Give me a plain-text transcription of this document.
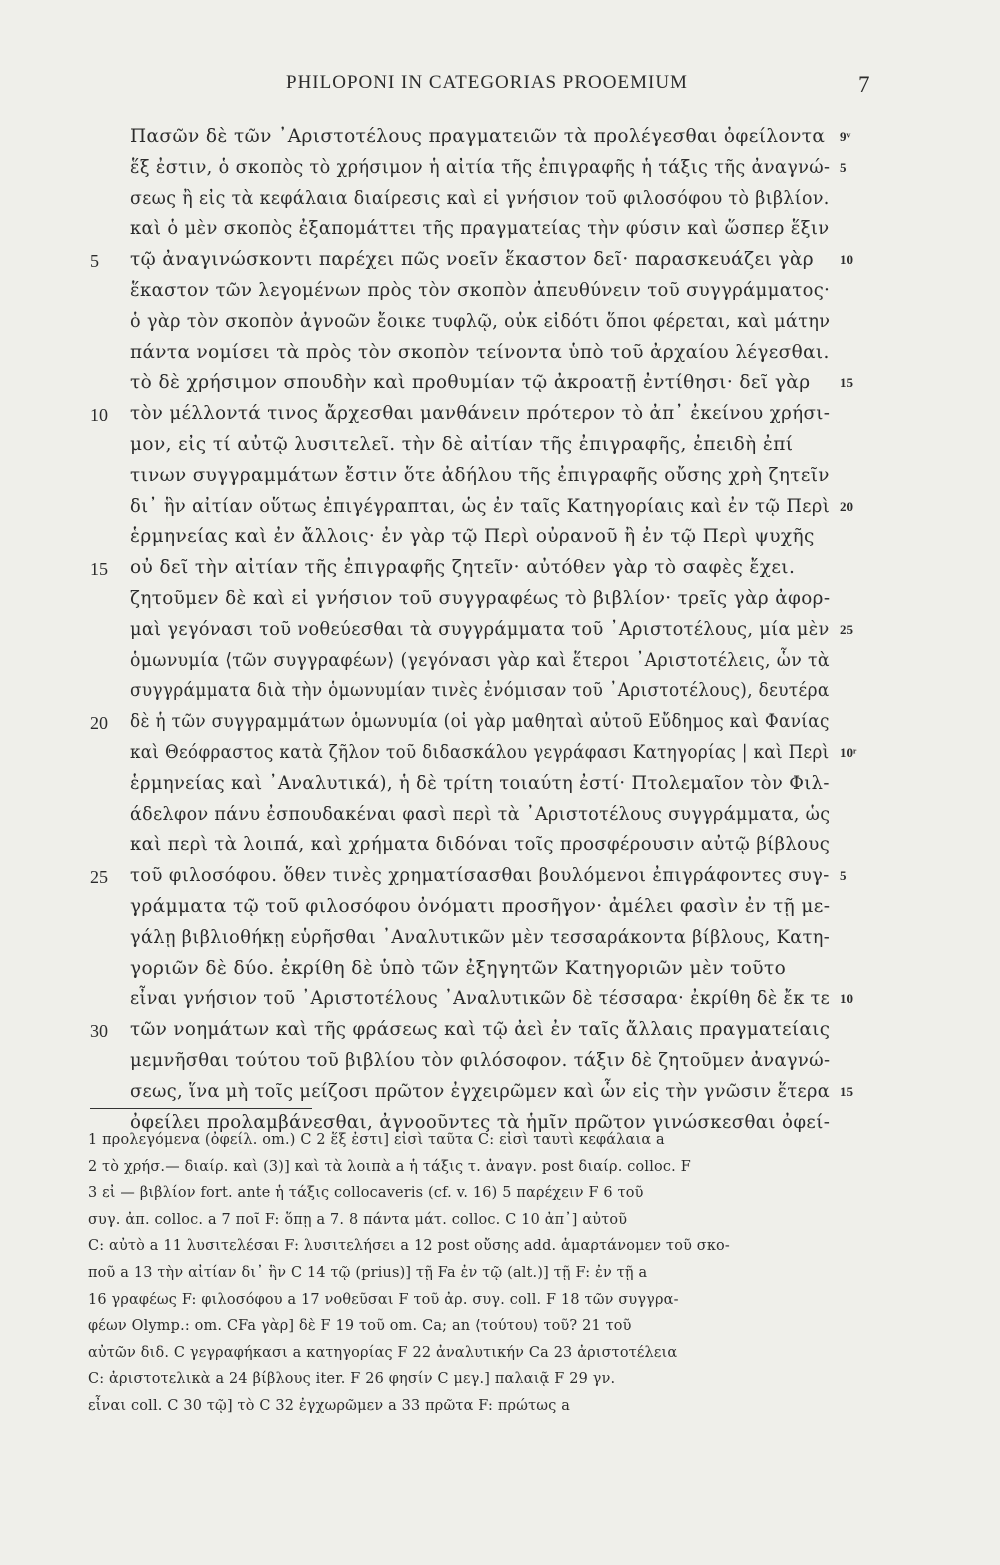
PHILOPONI IN CATEGORIAS PROOEMIUM	7
Πασῶν δὲ τῶν ᾿Αριστοτέλους πραγματειῶν τὰ προλέγεσθαι ὀφείλοντα 9ᵛ
ἕξ ἐστιν, ὁ σκοπὸς τὸ χρήσιμον ἡ αἰτία τῆς ἐπιγραφῆς ἡ τάξις τῆς ἀναγνώ- 5
σεως ἢ εἰς τὰ κεφάλαια διαίρεσις καὶ εἰ γνήσιον τοῦ φιλοσόφου τὸ βιβλίον.
καὶ ὁ μὲν σκοπὸς ἐξαπομάττει τῆς πραγματείας τὴν φύσιν καὶ ὥσπερ ἕξιν
5 τῷ ἀναγινώσκοντι παρέχει πῶς νοεῖν ἕκαστον δεῖ· παρασκευάζει γὰρ 10
ἕκαστον τῶν λεγομένων πρὸς τὸν σκοπὸν ἀπευθύνειν τοῦ συγγράμματος·
ὁ γὰρ τὸν σκοπὸν ἀγνοῶν ἔοικε τυφλῷ, οὐκ εἰδότι ὅποι φέρεται, καὶ μάτην
πάντα νομίσει τὰ πρὸς τὸν σκοπὸν τείνοντα ὑπὸ τοῦ ἀρχαίου λέγεσθαι.
τὸ δὲ χρήσιμον σπουδὴν καὶ προθυμίαν τῷ ἀκροατῇ ἐντίθησι· δεῖ γὰρ 15
10 τὸν μέλλοντά τινος ἄρχεσθαι μανθάνειν πρότερον τὸ ἀπ᾿ ἐκείνου χρήσι-
μον, εἰς τί αὐτῷ λυσιτελεῖ. τὴν δὲ αἰτίαν τῆς ἐπιγραφῆς, ἐπειδὴ ἐπί
τινων συγγραμμάτων ἔστιν ὅτε ἀδήλου τῆς ἐπιγραφῆς οὔσης χρὴ ζητεῖν
δι᾿ ἣν αἰτίαν οὕτως ἐπιγέγραπται, ὡς ἐν ταῖς Κατηγορίαις καὶ ἐν τῷ Περὶ 20
ἑρμηνείας καὶ ἐν ἄλλοις· ἐν γὰρ τῷ Περὶ οὐρανοῦ ἢ ἐν τῷ Περὶ ψυχῆς
15 οὐ δεῖ τὴν αἰτίαν τῆς ἐπιγραφῆς ζητεῖν· αὐτόθεν γὰρ τὸ σαφὲς ἔχει.
ζητοῦμεν δὲ καὶ εἰ γνήσιον τοῦ συγγραφέως τὸ βιβλίον· τρεῖς γὰρ ἀφορ-
μαὶ γεγόνασι τοῦ νοθεύεσθαι τὰ συγγράμματα τοῦ ᾿Αριστοτέλους, μία μὲν 25
ὁμωνυμία ⟨τῶν συγγραφέων⟩ (γεγόνασι γὰρ καὶ ἕτεροι ᾿Αριστοτέλεις, ὧν τὰ
συγγράμματα διὰ τὴν ὁμωνυμίαν τινὲς ἐνόμισαν τοῦ ᾿Αριστοτέλους), δευτέρα
20 δὲ ἡ τῶν συγγραμμάτων ὁμωνυμία (οἱ γὰρ μαθηταὶ αὐτοῦ Εὔδημος καὶ Φανίας
καὶ Θεόφραστος κατὰ ζῆλον τοῦ διδασκάλου γεγράφασι Κατηγορίας | καὶ Περὶ 10ʳ
ἑρμηνείας καὶ ᾿Αναλυτικά), ἡ δὲ τρίτη τοιαύτη ἐστί· Πτολεμαῖον τὸν Φιλ-
άδελφον πάνυ ἐσπουδακέναι φασὶ περὶ τὰ ᾿Αριστοτέλους συγγράμματα, ὡς
καὶ περὶ τὰ λοιπά, καὶ χρήματα διδόναι τοῖς προσφέρουσιν αὐτῷ βίβλους
25 τοῦ φιλοσόφου. ὅθεν τινὲς χρηματίσασθαι βουλόμενοι ἐπιγράφοντες συγ- 5
γράμματα τῷ τοῦ φιλοσόφου ὀνόματι προσῆγον· ἀμέλει φασὶν ἐν τῇ με-
γάλῃ βιβλιοθήκῃ εὑρῆσθαι ᾿Αναλυτικῶν μὲν τεσσαράκοντα βίβλους, Κατη-
γοριῶν δὲ δύο. ἐκρίθη δὲ ὑπὸ τῶν ἐξηγητῶν Κατηγοριῶν μὲν τοῦτο
εἶναι γνήσιον τοῦ ᾿Αριστοτέλους ᾿Αναλυτικῶν δὲ τέσσαρα· ἐκρίθη δὲ ἔκ τε 10
30 τῶν νοημάτων καὶ τῆς φράσεως καὶ τῷ ἀεὶ ἐν ταῖς ἄλλαις πραγματείαις
μεμνῆσθαι τούτου τοῦ βιβλίου τὸν φιλόσοφον. τάξιν δὲ ζητοῦμεν ἀναγνώ-
σεως, ἵνα μὴ τοῖς μείζοσι πρῶτον ἐγχειρῶμεν καὶ ὧν εἰς τὴν γνῶσιν ἕτερα 15
ὀφείλει προλαμβάνεσθαι, ἀγνοοῦντες τὰ ἡμῖν πρῶτον γινώσκεσθαι ὀφεί-
1 προλεγόμενα (ὀφείλ. om.) C 2 ἕξ ἐστι] εἰσὶ ταῦτα C: εἰσὶ ταυτὶ κεφάλαια a
2 τὸ χρήσ.— διαίρ. καὶ (3)] καὶ τὰ λοιπὰ a ἡ τάξις τ. ἀναγν. post διαίρ. colloc. F
3 εἰ — βιβλίον fort. ante ἡ τάξις collocaveris (cf. v. 16) 5 παρέχειν F 6 τοῦ
συγ. ἀπ. colloc. a 7 ποῖ F: ὅπῃ a 7. 8 πάντα μάτ. colloc. C 10 ἀπ᾿] αὐτοῦ
C: αὐτὸ a 11 λυσιτελέσαι F: λυσιτελήσει a 12 post οὔσης add. ἁμαρτάνομεν τοῦ σκο-
ποῦ a 13 τὴν αἰτίαν δι᾿ ἣν C 14 τῷ (prius)] τῇ Fa ἐν τῷ (alt.)] τῇ F: ἐν τῇ a
16 γραφέως F: φιλοσόφου a 17 νοθεῦσαι F τοῦ ἀρ. συγ. coll. F 18 τῶν συγγρα-
φέων Olymp.: om. CFa γὰρ] δὲ F 19 τοῦ om. Ca; an ⟨τούτου⟩ τοῦ? 21 τοῦ
αὐτῶν διδ. C γεγραφήκασι a κατηγορίας F 22 ἀναλυτικήν Ca 23 ἀριστοτέλεια
C: ἀριστοτελικὰ a 24 βίβλους iter. F 26 φησίν C μεγ.] παλαιᾷ F 29 γν.
εἶναι coll. C 30 τῷ] τὸ C 32 ἐγχωρῶμεν a 33 πρῶτα F: πρώτως a
